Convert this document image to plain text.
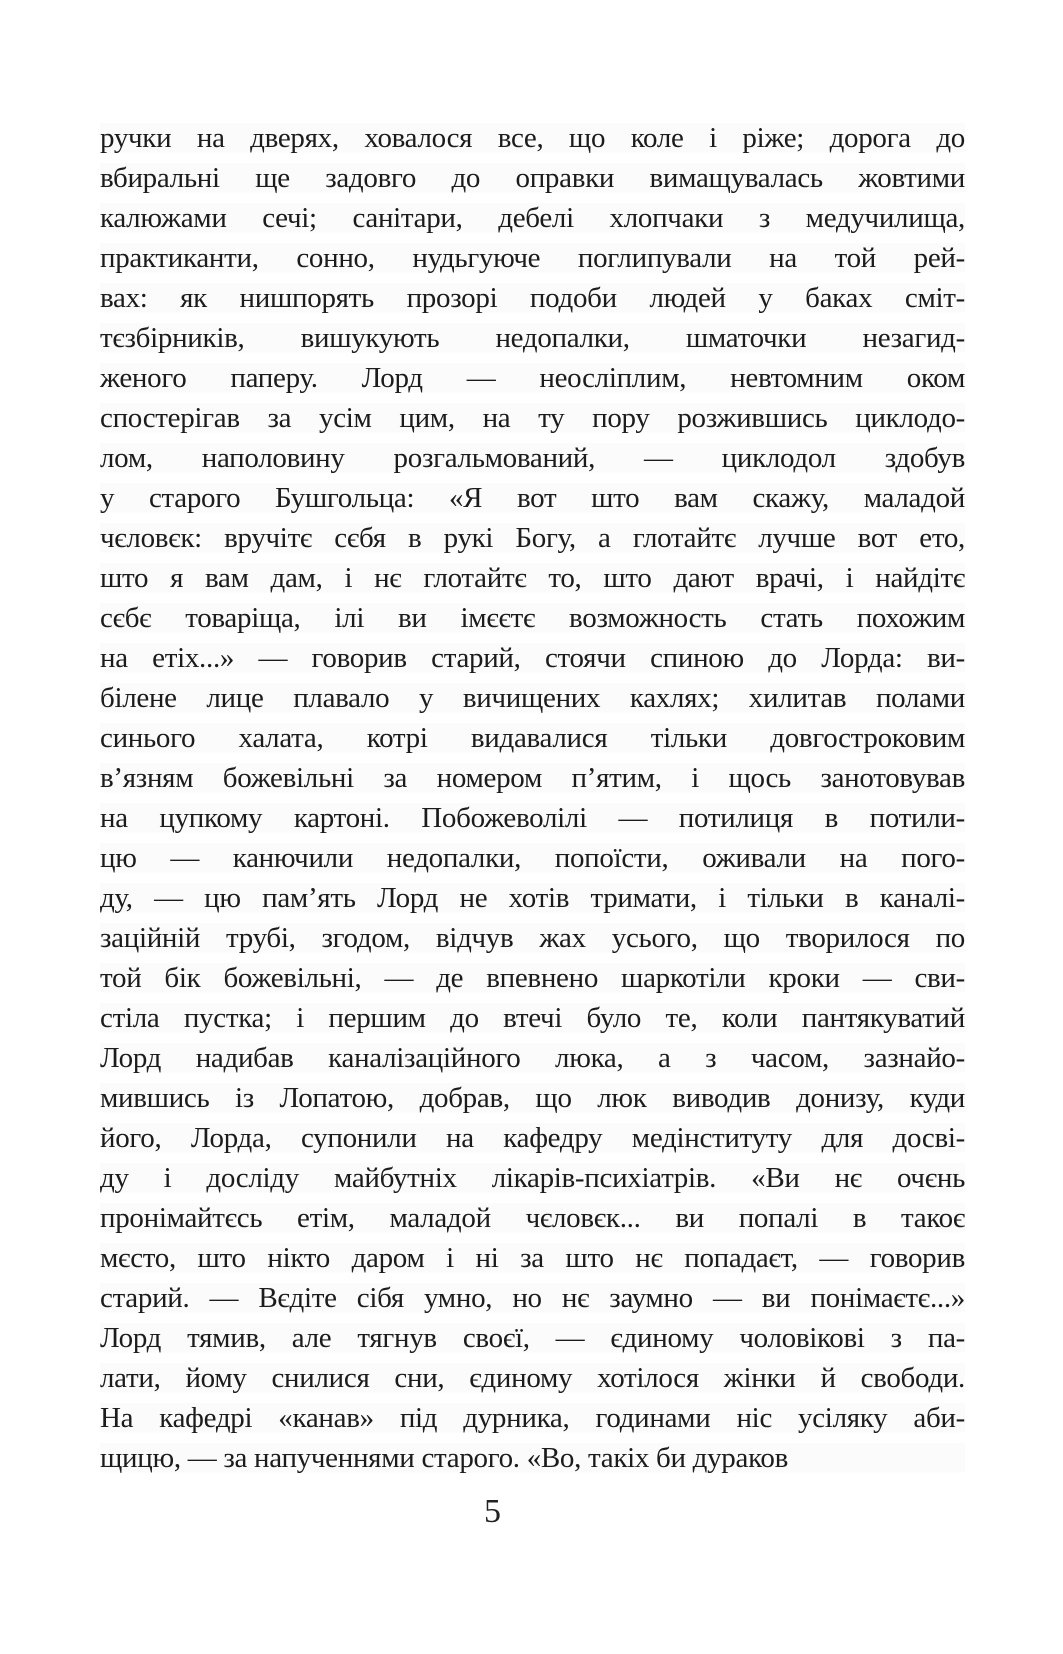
ручки на дверях, ховалося все, що коле і ріже; дорога до
вбиральні ще задовго до оправки вимащувалась жовтими
калюжами сечі; санітари, дебелі хлопчаки з медучилища,
практиканти, сонно, нудьгуюче поглипували на той рей-
вах: як нишпорять прозорі подоби людей у баках сміт-
тєзбірників, вишукують недопалки, шматочки незагид-
женого паперу. Лорд — неосліплим, невтомним оком
спостерігав за усім цим, на ту пору розжившись циклодо-
лом, наполовину розгальмований, — циклодол здобув
у старого Бушгольца: «Я вот што вам скажу, маладой
чєловєк: вручітє сєбя в рукі Богу, а глотайтє лучше вот ето,
што я вам дам, і нє глотайтє то, што дают врачі, і найдітє
сєбє товаріща, ілі ви імєєтє возможность стать похожим
на етіх...» — говорив старий, стоячи спиною до Лорда: ви-
білене лице плавало у вичищених кахлях; хилитав полами
синього халата, котрі видавалися тільки довгостроковим
в’язням божевільні за номером п’ятим, і щось занотовував
на цупкому картоні. Побожеволілі — потилиця в потили-
цю — канючили недопалки, попоїсти, оживали на пого-
ду, — цю пам’ять Лорд не хотів тримати, і тільки в каналі-
заційній трубі, згодом, відчув жах усього, що творилося по
той бік божевільні, — де впевнено шаркотіли кроки — сви-
стіла пустка; і першим до втечі було те, коли пантякуватий
Лорд надибав каналізаційного люка, а з часом, зазнайо-
мившись із Лопатою, добрав, що люк виводив донизу, куди
його, Лорда, супонили на кафедру медінституту для досві-
ду і досліду майбутніх лікарів-психіатрів. «Ви нє очєнь
пронімайтєсь етім, маладой чєловєк... ви попалі в такоє
мєсто, што нікто даром і ні за што нє попадаєт, — говорив
старий. — Вєдіте сібя умно, но нє заумно — ви понімаєтє...»
Лорд тямив, але тягнув своєї, — єдиному чоловікові з па-
лати, йому снилися сни, єдиному хотілося жінки й свободи.
На кафедрі «канав» під дурника, годинами ніс усіляку аби-
щицю, — за напученнями старого. «Во, такіх би дураков
5
